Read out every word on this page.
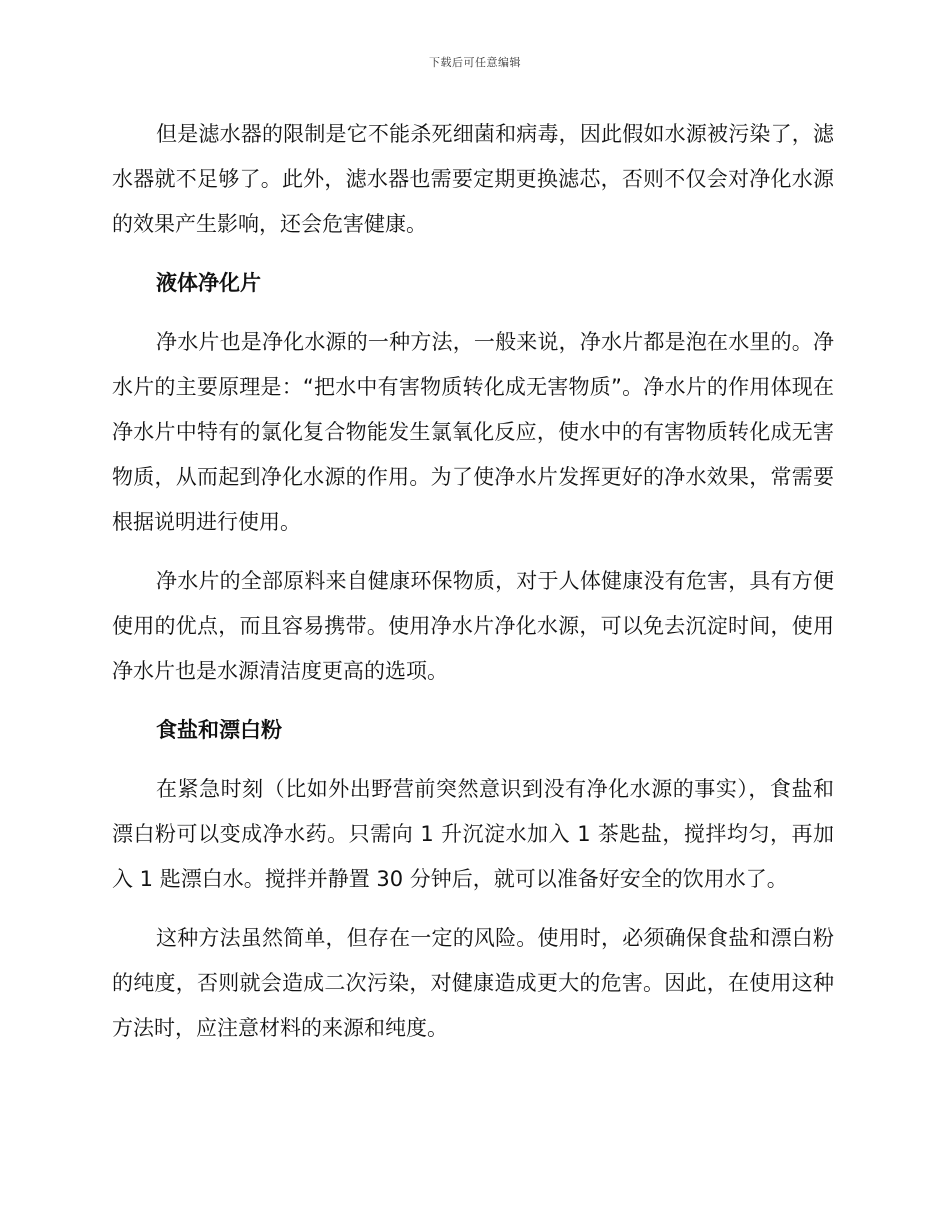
下载后可任意编辑

但是滤水器的限制是它不能杀死细菌和病毒，因此假如水源被污染了，滤水器就不足够了。此外，滤水器也需要定期更换滤芯，否则不仅会对净化水源的效果产生影响，还会危害健康。

液体净化片

净水片也是净化水源的一种方法，一般来说，净水片都是泡在水里的。净水片的主要原理是：“把水中有害物质转化成无害物质”。净水片的作用体现在净水片中特有的氯化复合物能发生氯氧化反应，使水中的有害物质转化成无害物质，从而起到净化水源的作用。为了使净水片发挥更好的净水效果，常需要根据说明进行使用。

净水片的全部原料来自健康环保物质，对于人体健康没有危害，具有方便使用的优点，而且容易携带。使用净水片净化水源，可以免去沉淀时间，使用净水片也是水源清洁度更高的选项。

食盐和漂白粉

在紧急时刻（比如外出野营前突然意识到没有净化水源的事实），食盐和漂白粉可以变成净水药。只需向 1 升沉淀水加入 1 茶匙盐，搅拌均匀，再加入 1 匙漂白水。搅拌并静置 30 分钟后，就可以准备好安全的饮用水了。

这种方法虽然简单，但存在一定的风险。使用时，必须确保食盐和漂白粉的纯度，否则就会造成二次污染，对健康造成更大的危害。因此，在使用这种方法时，应注意材料的来源和纯度。
